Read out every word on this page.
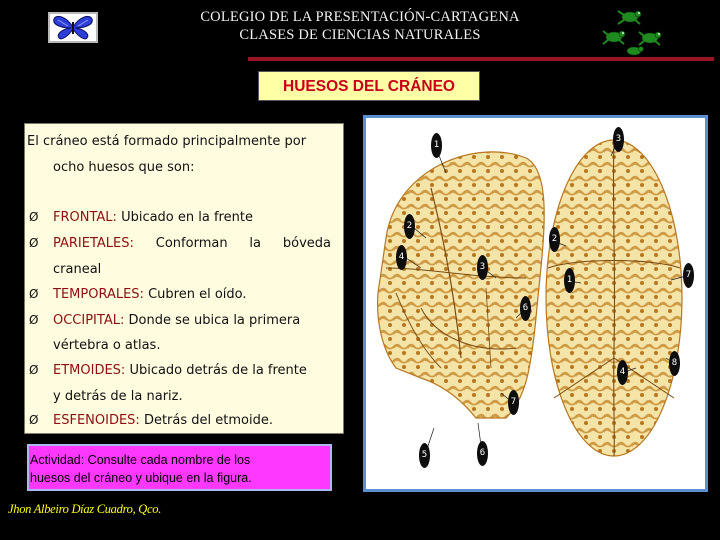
COLEGIO DE LA PRESENTACIÓN-CARTAGENA
CLASES DE CIENCIAS NATURALES
HUESOS DEL CRÁNEO
El cráneo está formado principalmente por
ocho huesos que son:
Ø FRONTAL: Ubicado en la frente
Ø PARIETALES: Conforman la bóveda
craneal
Ø TEMPORALES: Cubren el oído.
Ø OCCIPITAL: Donde se ubica la primera
vértebra o atlas.
Ø ETMOIDES: Ubicado detrás de la frente
y detrás de la nariz.
Ø ESFENOIDES: Detrás del etmoide.
Actividad: Consulte cada nombre de los
huesos del cráneo y ubique en la figura.
Jhon Albeiro Díaz Cuadro, Qco.
1
3
2
2
4
3
1	7
6
8
4
7
5	6
